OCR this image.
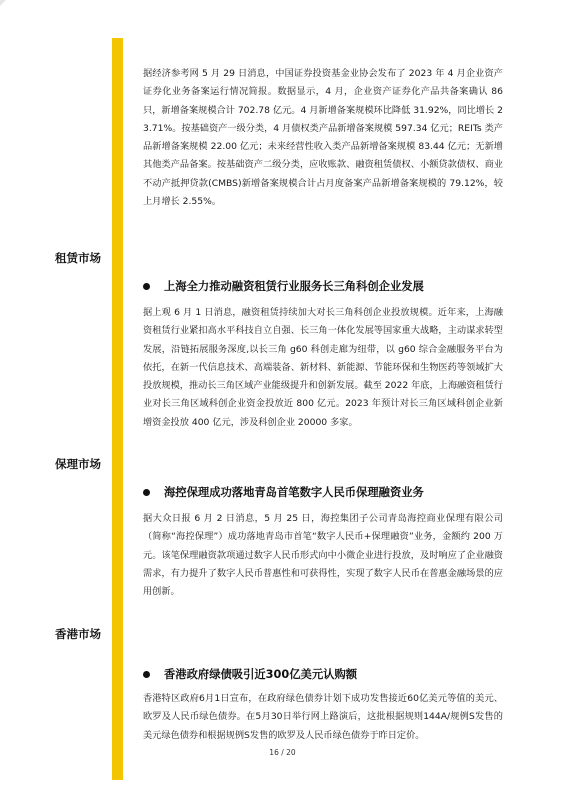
据经济参考网 5 月 29 日消息，中国证券投资基金业协会发布了 2023 年 4 月企业资产证券化业务备案运行情况简报。数据显示，4 月，企业资产证券化产品共备案确认 86 只，新增备案规模合计 702.78 亿元。4 月新增备案规模环比降低 31.92%，同比增长 23.71%。按基础资产一级分类，4 月债权类产品新增备案规模 597.34 亿元；REITs 类产品新增备案规模 22.00 亿元；未来经营性收入类产品新增备案规模 83.44 亿元；无新增其他类产品备案。按基础资产二级分类，应收账款、融资租赁债权、小额贷款债权、商业不动产抵押贷款(CMBS)新增备案规模合计占月度备案产品新增备案规模的 79.12%，较上月增长 2.55%。

租赁市场
上海全力推动融资租赁行业服务长三角科创企业发展

据上观 6 月 1 日消息，融资租赁持续加大对长三角科创企业投放规模。近年来，上海融资租赁行业紧扣高水平科技自立自强、长三角一体化发展等国家重大战略，主动谋求转型发展，沿链拓展服务深度,以长三角 g60 科创走廊为纽带，以 g60 综合金融服务平台为依托，在新一代信息技术、高端装备、新材料、新能源、节能环保和生物医药等领域扩大投放规模，推动长三角区域产业能级提升和创新发展。截至 2022 年底，上海融资租赁行业对长三角区域科创企业资金投放近 800 亿元。2023 年预计对长三角区域科创企业新增资金投放 400 亿元，涉及科创企业 20000 多家。

保理市场
海控保理成功落地青岛首笔数字人民币保理融资业务

据大众日报 6 月 2 日消息，5 月 25 日，海控集团子公司青岛海控商业保理有限公司（简称“海控保理”）成功落地青岛市首笔“数字人民币+保理融资”业务，金额约 200 万元。该笔保理融资款项通过数字人民币形式向中小微企业进行投放，及时响应了企业融资需求，有力提升了数字人民币普惠性和可获得性，实现了数字人民币在普惠金融场景的应用创新。

香港市场
香港政府绿债吸引近300亿美元认购额

香港特区政府6月1日宣布，在政府绿色债券计划下成功发售接近60亿美元等值的美元、欧罗及人民币绿色债券。在5月30日举行网上路演后，这批根据规则144A/规例S发售的美元绿色债券和根据规例S发售的欧罗及人民币绿色债券于昨日定价。

16 / 20
